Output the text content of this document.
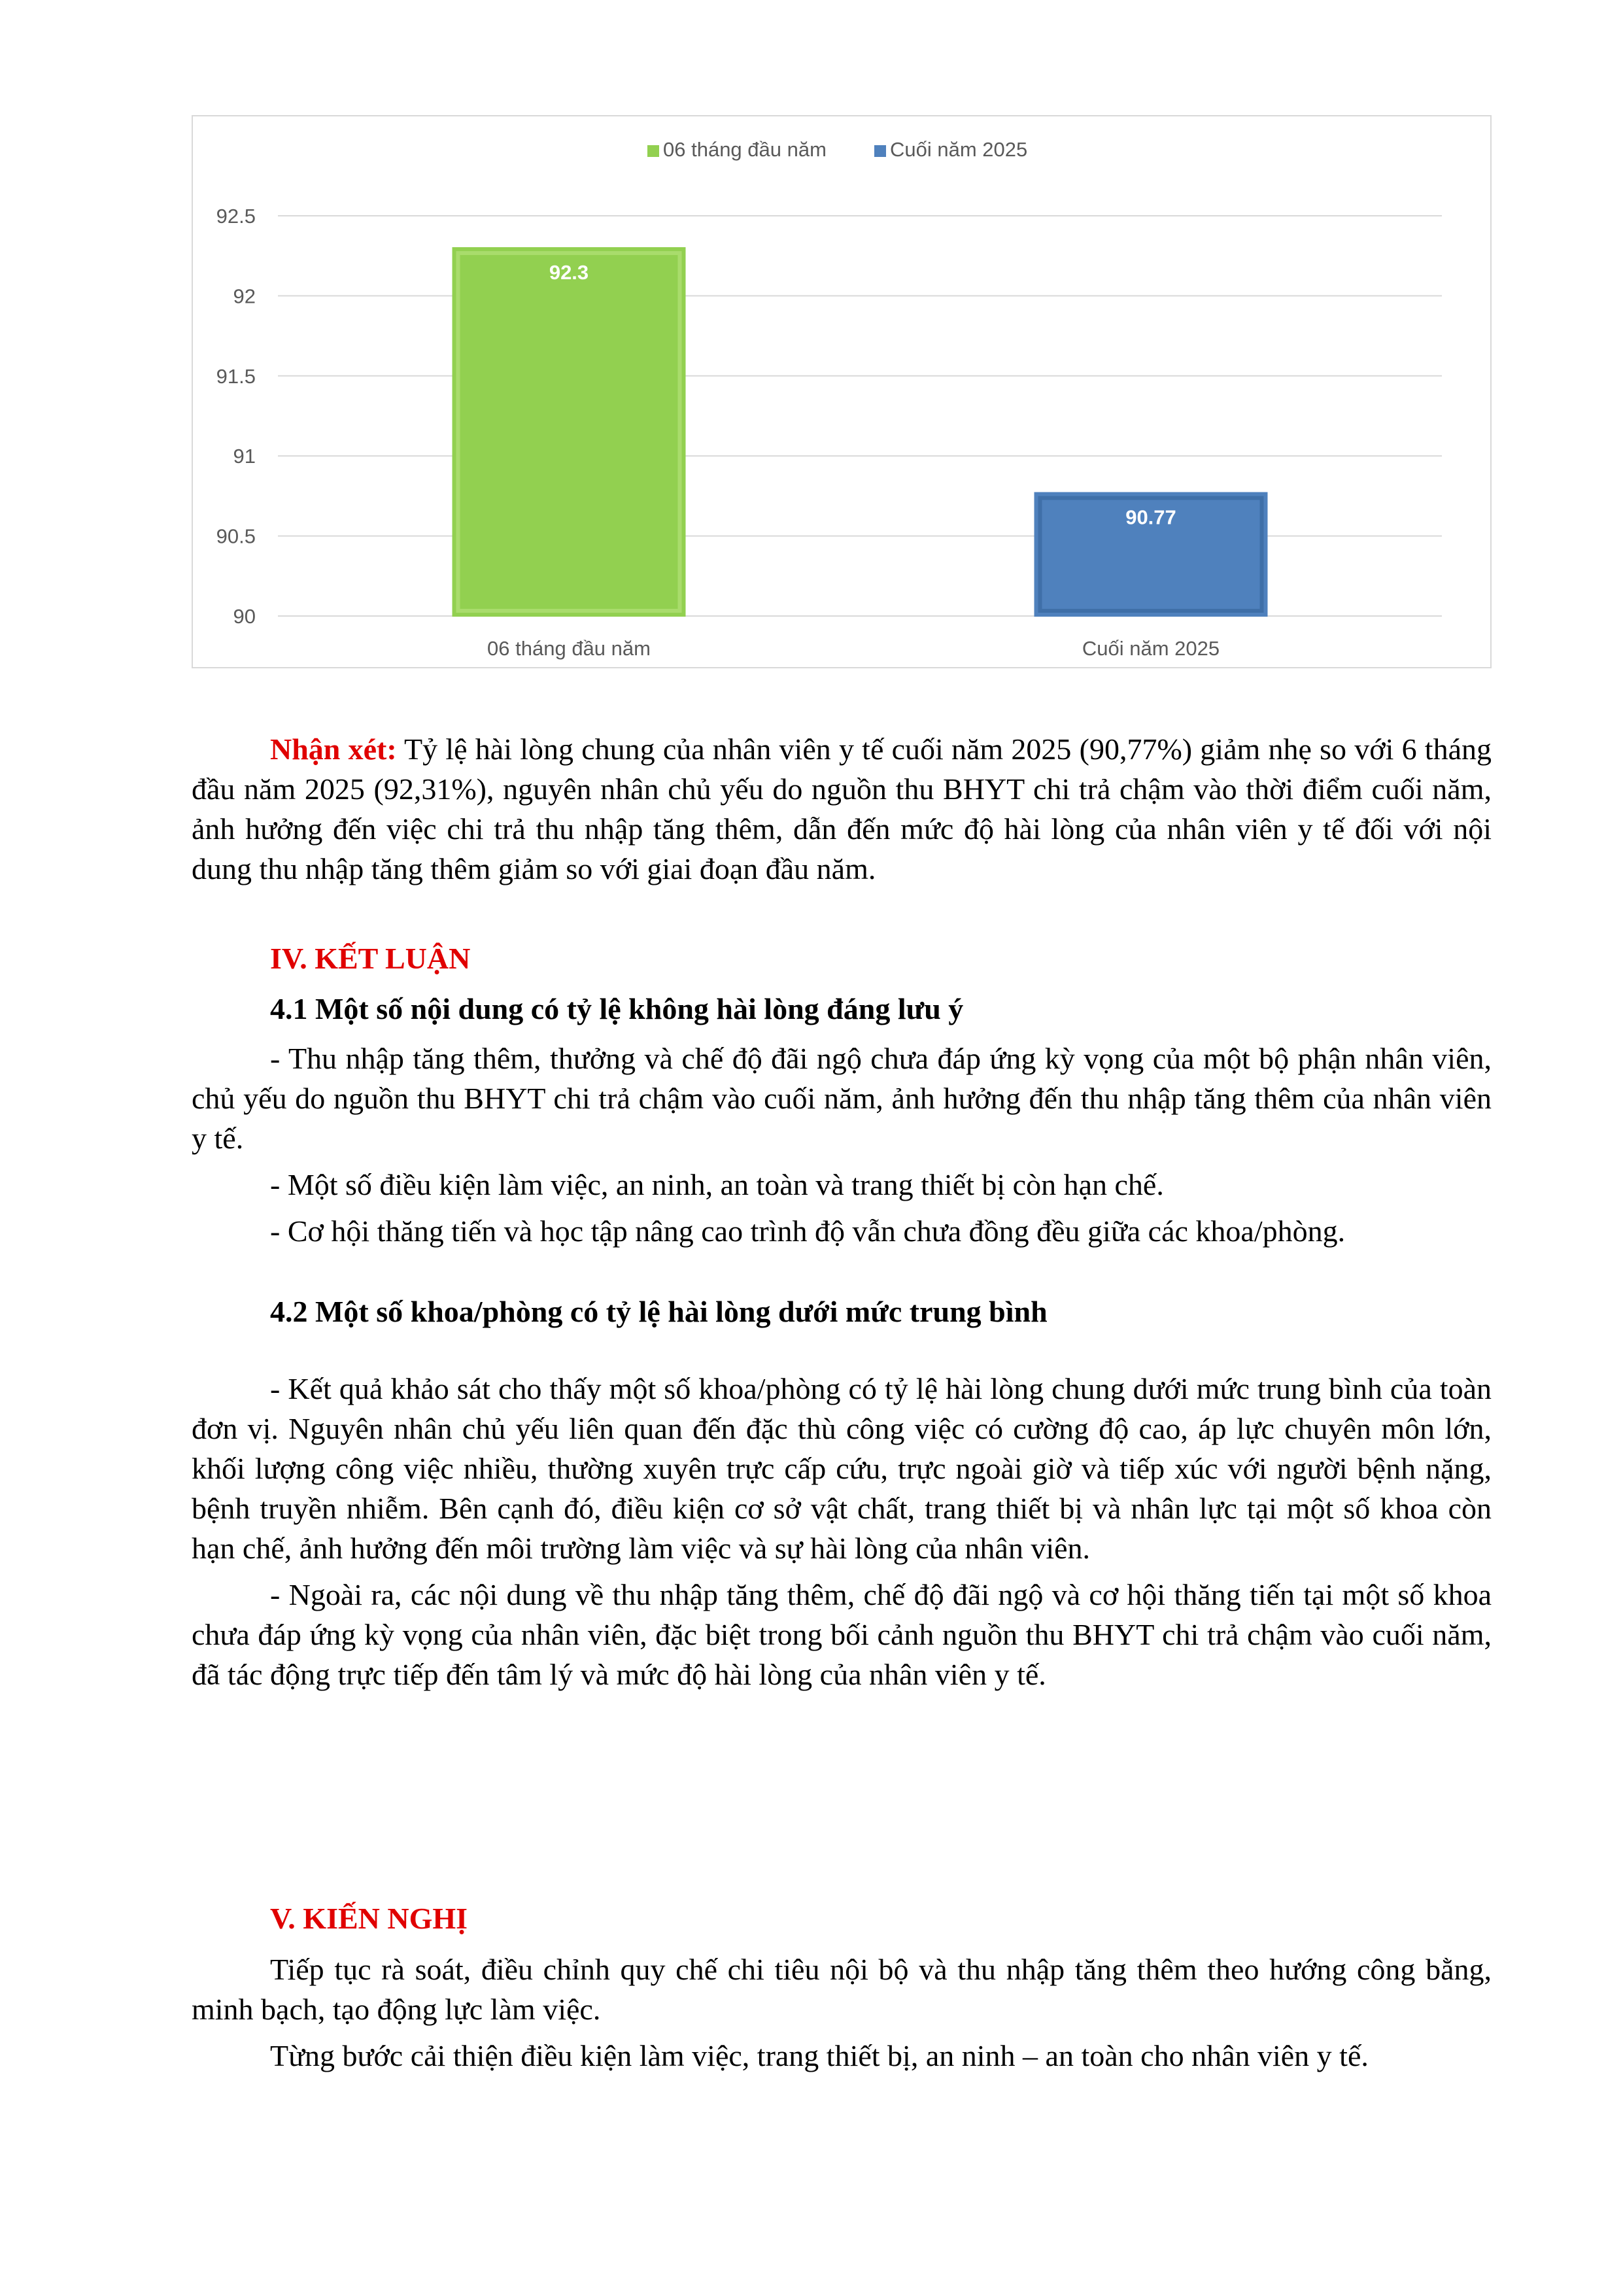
90
90.5
91
91.5
92
92.5
92.3
06 tháng đầu năm
90.77
Cuối năm 2025
06 tháng đầu năm	Cuối năm 2025

Nhận xét: Tỷ lệ hài lòng chung của nhân viên y tế cuối năm 2025 (90,77%) giảm nhẹ so với 6 tháng đầu năm 2025 (92,31%), nguyên nhân chủ yếu do nguồn thu BHYT chi trả chậm vào thời điểm cuối năm, ảnh hưởng đến việc chi trả thu nhập tăng thêm, dẫn đến mức độ hài lòng của nhân viên y tế đối với nội dung thu nhập tăng thêm giảm so với giai đoạn đầu năm.

IV. KẾT LUẬN
4.1 Một số nội dung có tỷ lệ không hài lòng đáng lưu ý

- Thu nhập tăng thêm, thưởng và chế độ đãi ngộ chưa đáp ứng kỳ vọng của một bộ phận nhân viên, chủ yếu do nguồn thu BHYT chi trả chậm vào cuối năm, ảnh hưởng đến thu nhập tăng thêm của nhân viên y tế.

- Một số điều kiện làm việc, an ninh, an toàn và trang thiết bị còn hạn chế.

- Cơ hội thăng tiến và học tập nâng cao trình độ vẫn chưa đồng đều giữa các khoa/phòng.

4.2 Một số khoa/phòng có tỷ lệ hài lòng dưới mức trung bình

- Kết quả khảo sát cho thấy một số khoa/phòng có tỷ lệ hài lòng chung dưới mức trung bình của toàn đơn vị. Nguyên nhân chủ yếu liên quan đến đặc thù công việc có cường độ cao, áp lực chuyên môn lớn, khối lượng công việc nhiều, thường xuyên trực cấp cứu, trực ngoài giờ và tiếp xúc với người bệnh nặng, bệnh truyền nhiễm. Bên cạnh đó, điều kiện cơ sở vật chất, trang thiết bị và nhân lực tại một số khoa còn hạn chế, ảnh hưởng đến môi trường làm việc và sự hài lòng của nhân viên.

- Ngoài ra, các nội dung về thu nhập tăng thêm, chế độ đãi ngộ và cơ hội thăng tiến tại một số khoa chưa đáp ứng kỳ vọng của nhân viên, đặc biệt trong bối cảnh nguồn thu BHYT chi trả chậm vào cuối năm, đã tác động trực tiếp đến tâm lý và mức độ hài lòng của nhân viên y tế.

V. KIẾN NGHỊ

Tiếp tục rà soát, điều chỉnh quy chế chi tiêu nội bộ và thu nhập tăng thêm theo hướng công bằng, minh bạch, tạo động lực làm việc.

Từng bước cải thiện điều kiện làm việc, trang thiết bị, an ninh – an toàn cho nhân viên y tế.
